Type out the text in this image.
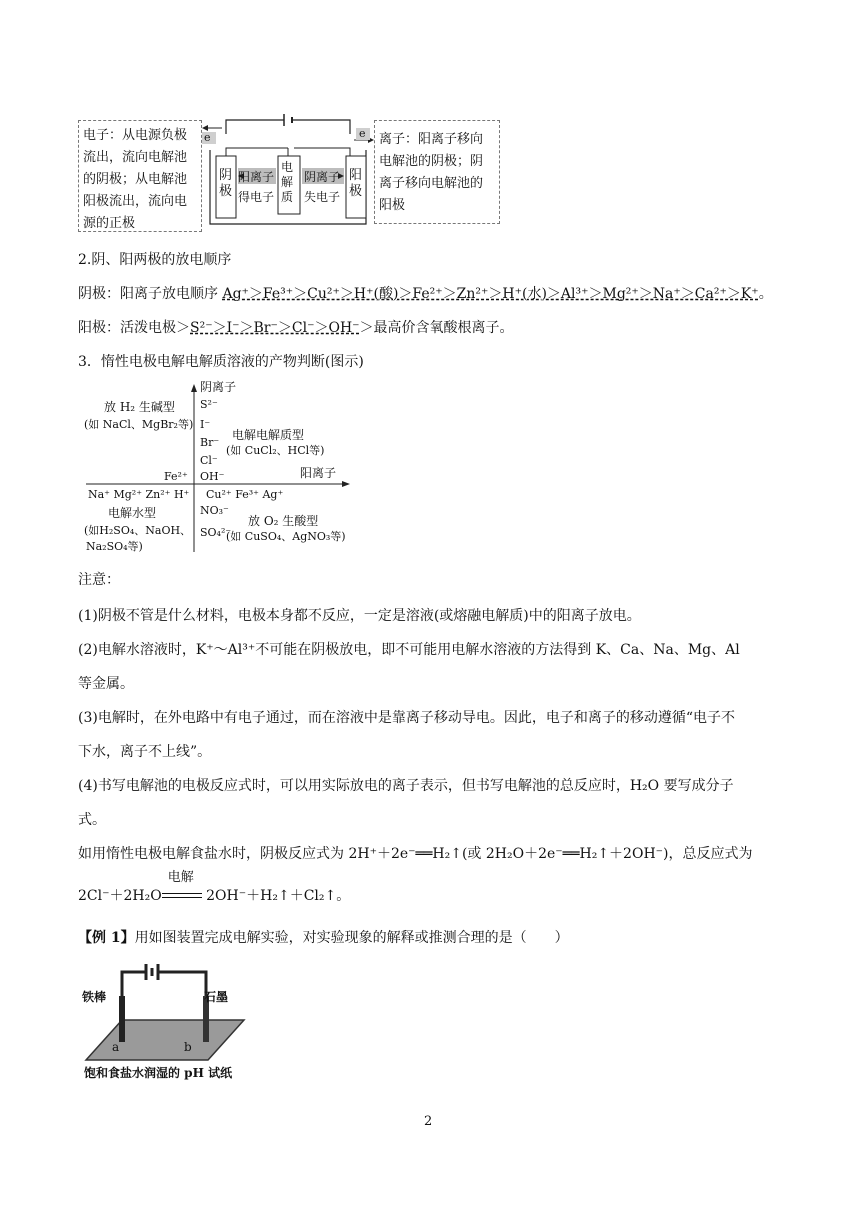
电子：从电源负极流出，流向电解池的阴极；从电解池阳极流出，流向电源的正极
离子：阳离子移向电解池的阴极；阴离子移向电解池的阳极
e	e
阴极
阳极
阳离子
得电子
阴离子
失电子
电解质
2.阴、阳两极的放电顺序
阴极：阳离子放电顺序 Ag⁺＞Fe³⁺＞Cu²⁺＞H⁺(酸)＞Fe²⁺＞Zn²⁺＞H⁺(水)＞Al³⁺＞Mg²⁺＞Na⁺＞Ca²⁺＞K⁺。
阳极：活泼电极＞S²⁻＞I⁻＞Br⁻＞Cl⁻＞OH⁻＞最高价含氧酸根离子。
3．惰性电极电解电解质溶液的产物判断(图示)
阴离子
阳离子
S²⁻
I⁻
Br⁻
Cl⁻
OH⁻
NO₃⁻
SO₄²⁻
Na⁺ Mg²⁺ Zn²⁺ H⁺
Fe²⁺
Cu²⁺ Fe³⁺ Ag⁺
放 H₂ 生碱型
(如 NaCl、MgBr₂等)
电解电解质型
(如 CuCl₂、HCl等)
电解水型
(如H₂SO₄、NaOH、
Na₂SO₄等)
放 O₂ 生酸型
(如 CuSO₄、AgNO₃等)
注意：
(1)阴极不管是什么材料，电极本身都不反应，一定是溶液(或熔融电解质)中的阳离子放电。
(2)电解水溶液时，K⁺～Al³⁺不可能在阴极放电，即不可能用电解水溶液的方法得到 K、Ca、Na、Mg、Al
等金属。
(3)电解时，在外电路中有电子通过，而在溶液中是靠离子移动导电。因此，电子和离子的移动遵循“电子不
下水，离子不上线”。
(4)书写电解池的电极反应式时，可以用实际放电的离子表示，但书写电解池的总反应时，H₂O 要写成分子
式。
如用惰性电极电解食盐水时，阴极反应式为 2H⁺＋2e⁻══H₂↑(或 2H₂O＋2e⁻══H₂↑＋2OH⁻)，总反应式为
2Cl⁻＋2H₂O
电解
2OH⁻＋H₂↑＋Cl₂↑。
【例 1】用如图装置完成电解实验，对实验现象的解释或推测合理的是（　　）
铁棒	石墨
a	b
饱和食盐水润湿的 pH 试纸
2
